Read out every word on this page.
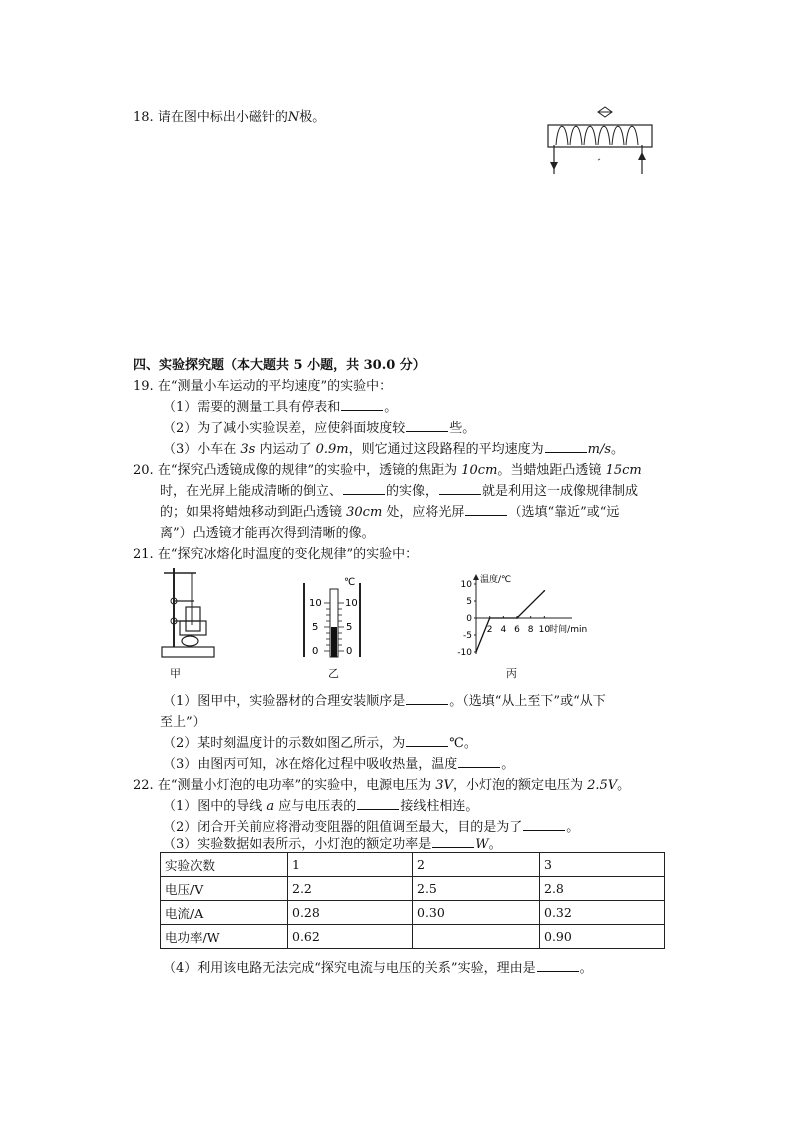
18. 请在图中标出小磁针的N极。
四、实验探究题（本大题共 5 小题，共 30.0 分）
19. 在“测量小车运动的平均速度”的实验中：
（1）需要的测量工具有停表和	。
（2）为了减小实验误差，应使斜面坡度较	些。
（3）小车在 3s 内运动了 0.9m，则它通过这段路程的平均速度为	m/s。
20. 在“探究凸透镜成像的规律”的实验中，透镜的焦距为 10cm。当蜡烛距凸透镜 15cm
时，在光屏上能成清晰的倒立、	的实像，	就是利用这一成像规律制成
的；如果将蜡烛移动到距凸透镜 30cm 处，应将光屏	（选填“靠近”或“远
离”）凸透镜才能再次得到清晰的像。
21. 在“探究冰熔化时温度的变化规律”的实验中：
甲
℃
10
5
0
10
5
0
乙
温度/℃
时间/min
10
5
0
-5
-10
2 4 6 8 10
丙
（1）图甲中，实验器材的合理安装顺序是	。（选填“从上至下”或“从下
至上”）
（2）某时刻温度计的示数如图乙所示，为	℃。
（3）由图丙可知，冰在熔化过程中吸收热量，温度	。
22. 在“测量小灯泡的电功率”的实验中，电源电压为 3V，小灯泡的额定电压为 2.5V。
（1）图中的导线 a 应与电压表的	接线柱相连。
（2）闭合开关前应将滑动变阻器的阻值调至最大，目的是为了	。
（3）实验数据如表所示，小灯泡的额定功率是	W。
实验次数	1	2	3
电压/V	2.2	2.5	2.8
电流/A	0.28	0.30	0.32
电功率/W	0.62		0.90
（4）利用该电路无法完成“探究电流与电压的关系”实验，理由是	。
